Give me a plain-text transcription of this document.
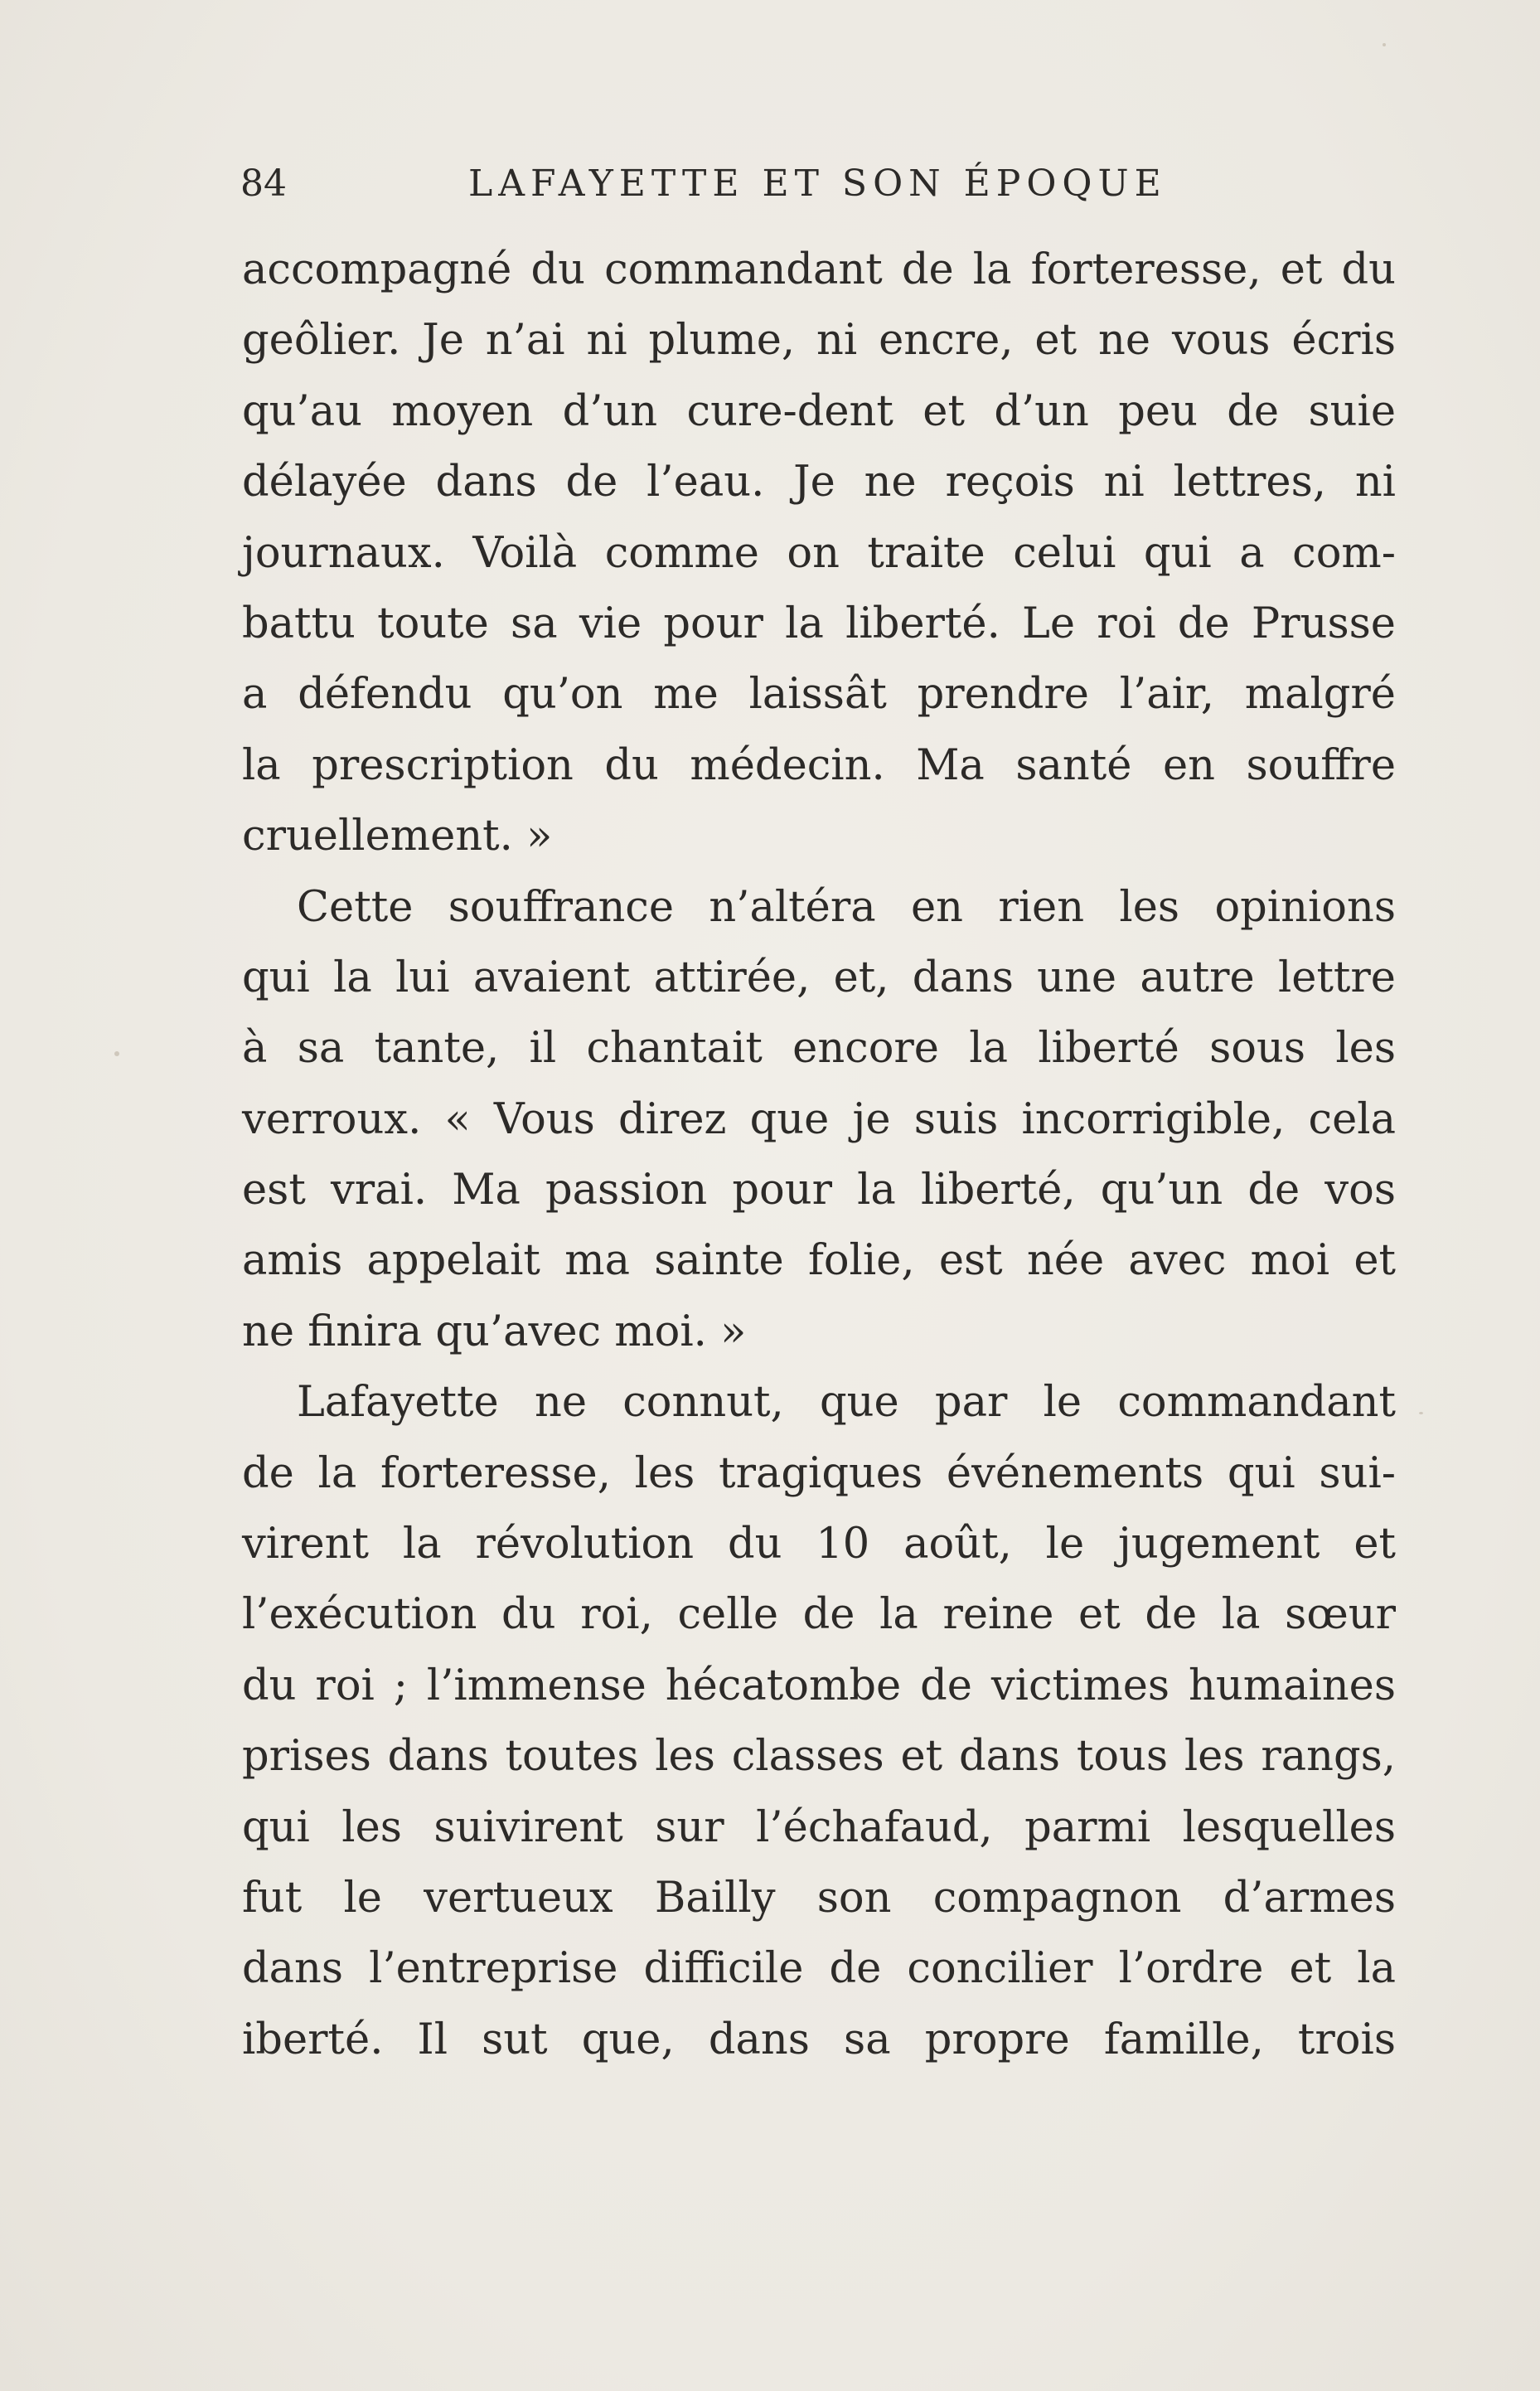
84	LAFAYETTE ET SON ÉPOQUE
accompagné du commandant de la forteresse, et du
geôlier. Je n’ai ni plume, ni encre, et ne vous écris
qu’au moyen d’un cure-dent et d’un peu de suie
délayée dans de l’eau. Je ne reçois ni lettres, ni
journaux. Voilà comme on traite celui qui a com-
battu toute sa vie pour la liberté. Le roi de Prusse
a défendu qu’on me laissât prendre l’air, malgré
la prescription du médecin. Ma santé en souffre
cruellement. »
Cette souffrance n’altéra en rien les opinions
qui la lui avaient attirée, et, dans une autre lettre
à sa tante, il chantait encore la liberté sous les
verroux. « Vous direz que je suis incorrigible, cela
est vrai. Ma passion pour la liberté, qu’un de vos
amis appelait ma sainte folie, est née avec moi et
ne finira qu’avec moi. »
Lafayette ne connut, que par le commandant
de la forteresse, les tragiques événements qui sui-
virent la révolution du 10 août, le jugement et
l’exécution du roi, celle de la reine et de la sœur
du roi ; l’immense hécatombe de victimes humaines
prises dans toutes les classes et dans tous les rangs,
qui les suivirent sur l’échafaud, parmi lesquelles
fut le vertueux Bailly son compagnon d’armes
dans l’entreprise difficile de concilier l’ordre et la
iberté. Il sut que, dans sa propre famille, trois
